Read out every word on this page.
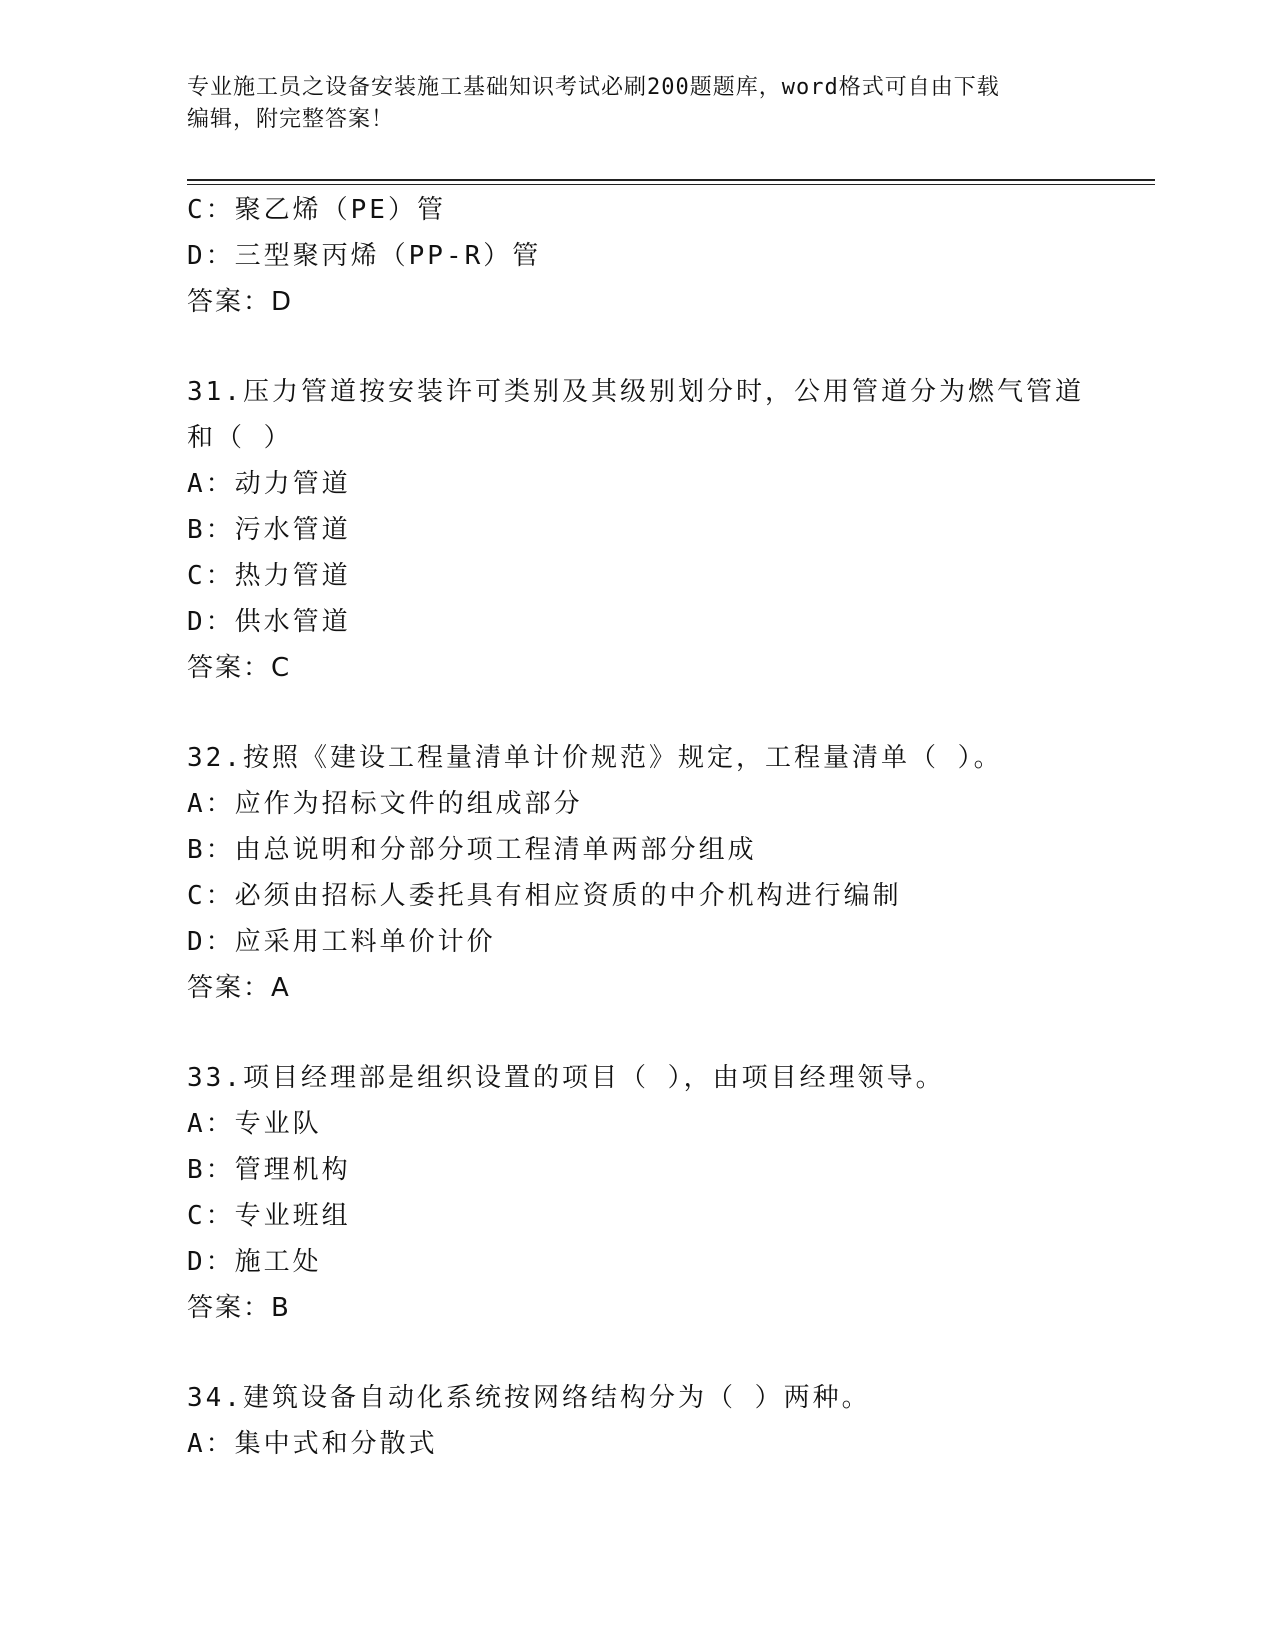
专业施工员之设备安装施工基础知识考试必刷200题题库，word格式可自由下载
编辑，附完整答案！
C：聚乙烯（PE）管
D：三型聚丙烯（PP-R）管
答案：D
31.压力管道按安装许可类别及其级别划分时，公用管道分为燃气管道
和（ ）
A：动力管道
B：污水管道
C：热力管道
D：供水管道
答案：C
32.按照《建设工程量清单计价规范》规定，工程量清单（ ）。
A：应作为招标文件的组成部分
B：由总说明和分部分项工程清单两部分组成
C：必须由招标人委托具有相应资质的中介机构进行编制
D：应采用工料单价计价
答案：A
33.项目经理部是组织设置的项目（ ），由项目经理领导。
A：专业队
B：管理机构
C：专业班组
D：施工处
答案：B
34.建筑设备自动化系统按网络结构分为（ ）两种。
A：集中式和分散式
